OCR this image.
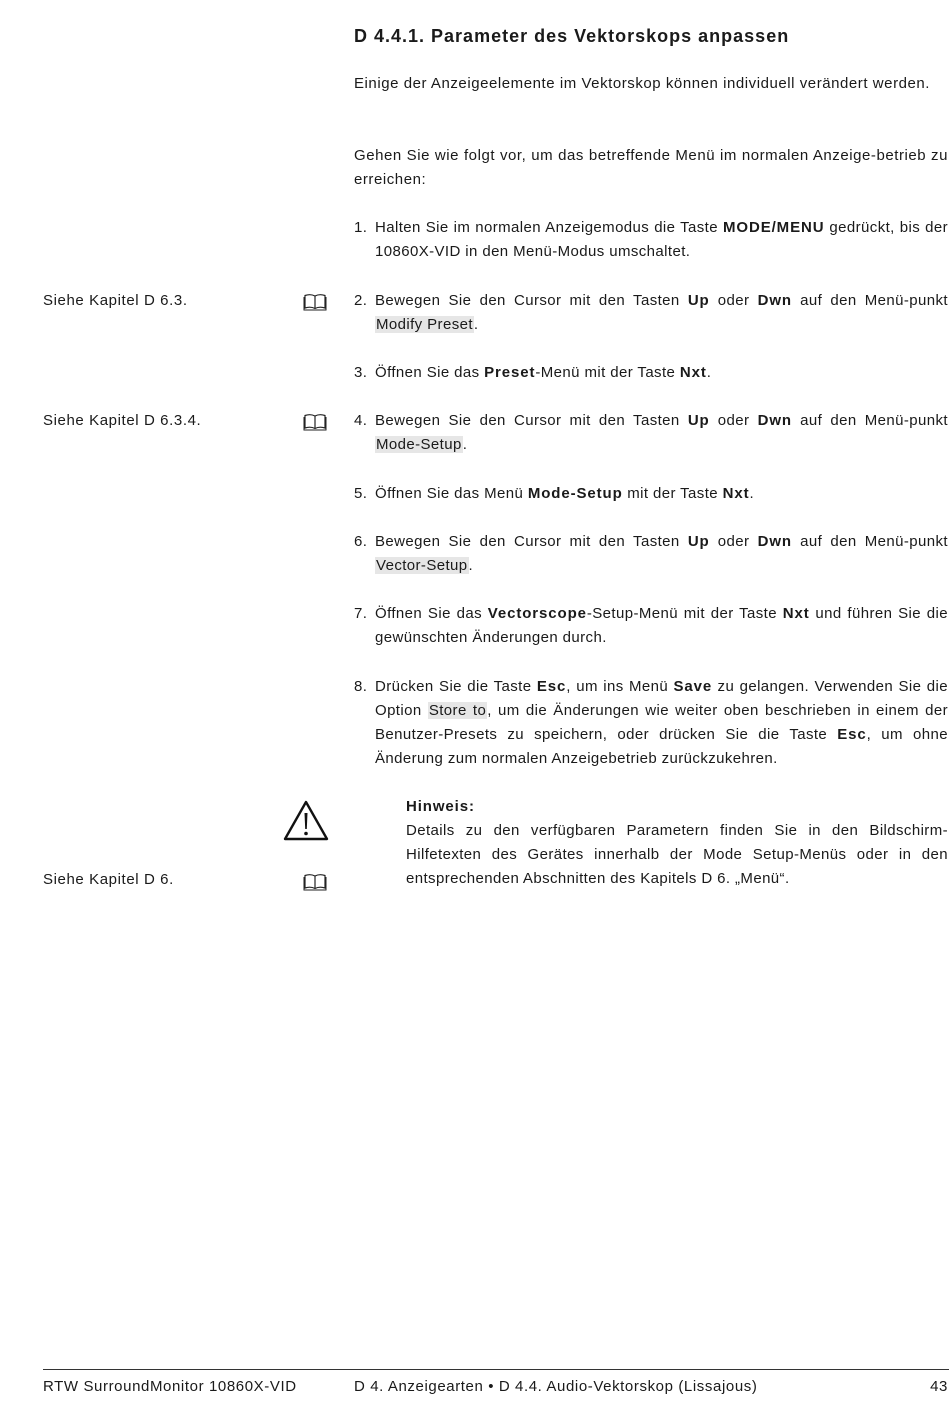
D 4.4.1. Parameter des Vektorskops anpassen
Einige der Anzeigeelemente im Vektorskop können individuell verändert werden.
Gehen Sie wie folgt vor, um das betreffende Menü im normalen Anzeige-betrieb zu erreichen:
1. Halten Sie im normalen Anzeigemodus die Taste MODE/MENU gedrückt, bis der 10860X-VID in den Menü-Modus umschaltet.
2. Bewegen Sie den Cursor mit den Tasten Up oder Dwn auf den Menü-punkt Modify Preset.
3. Öffnen Sie das Preset-Menü mit der Taste Nxt.
4. Bewegen Sie den Cursor mit den Tasten Up oder Dwn auf den Menü-punkt Mode-Setup.
5. Öffnen Sie das Menü Mode-Setup mit der Taste Nxt.
6. Bewegen Sie den Cursor mit den Tasten Up oder Dwn auf den Menü-punkt Vector-Setup.
7. Öffnen Sie das Vectorscope-Setup-Menü mit der Taste Nxt und führen Sie die gewünschten Änderungen durch.
8. Drücken Sie die Taste Esc, um ins Menü Save zu gelangen. Verwenden Sie die Option Store to, um die Änderungen wie weiter oben beschrieben in einem der Benutzer-Presets zu speichern, oder drücken Sie die Taste Esc, um ohne Änderung zum normalen Anzeigebetrieb zurückzukehren.
Siehe Kapitel D 6.3.
Siehe Kapitel D 6.3.4.
Siehe Kapitel D 6.
Hinweis:
Details zu den verfügbaren Parametern finden Sie in den Bildschirm-Hilfetexten des Gerätes innerhalb der Mode Setup-Menüs oder in den entsprechenden Abschnitten des Kapitels D 6. „Menü“.
RTW SurroundMonitor 10860X-VID	D 4. Anzeigearten • D 4.4. Audio-Vektorskop (Lissajous)	43
